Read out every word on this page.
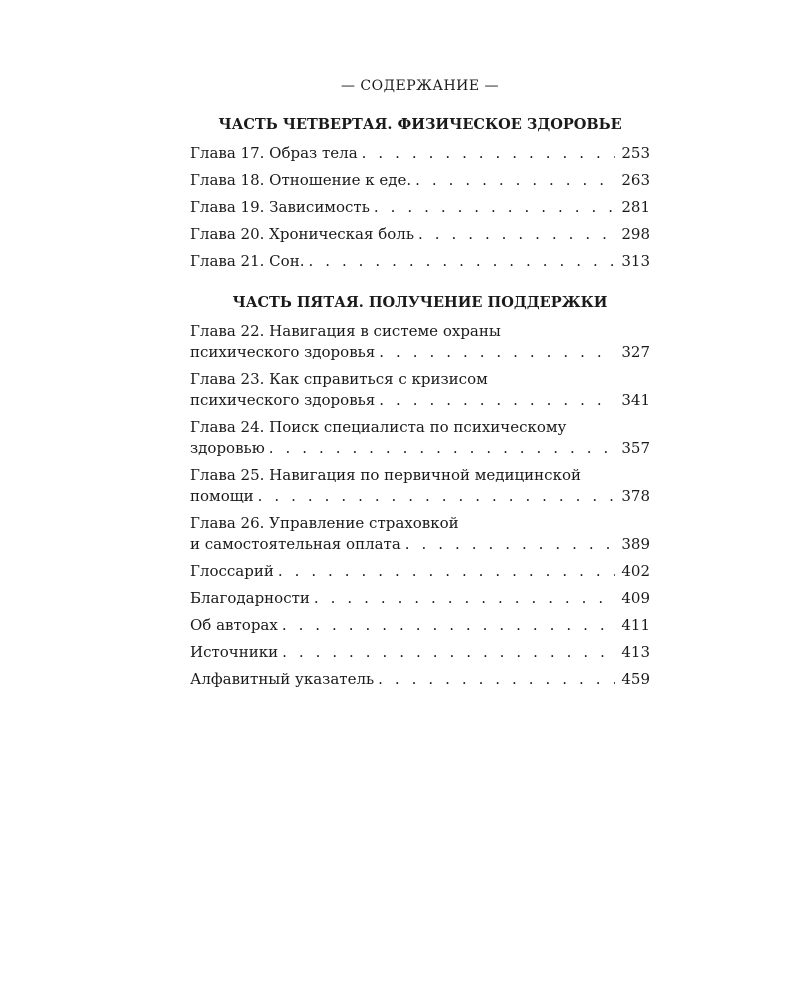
— СОДЕРЖАНИЕ —
ЧАСТЬ ЧЕТВЕРТАЯ. ФИЗИЧЕСКОЕ ЗДОРОВЬЕ
Глава 17. Образ тела . . .	253
Глава 18. Отношение к еде. . . .	263
Глава 19. Зависимость . . .	281
Глава 20. Хроническая боль . . .	298
Глава 21. Сон. . . .	313
ЧАСТЬ ПЯТАЯ. ПОЛУЧЕНИЕ ПОДДЕРЖКИ
Глава 22. Навигация в системе охраны
психического здоровья . . .	327
Глава 23. Как справиться с кризисом
психического здоровья . . .	341
Глава 24. Поиск специалиста по психическому
здоровью . . .	357
Глава 25. Навигация по первичной медицинской
помощи . . .	378
Глава 26. Управление страховкой
и самостоятельная оплата . . .	389
Глоссарий . . .	402
Благодарности . . .	409
Об авторах . . .	411
Источники . . .	413
Алфавитный указатель . . .	459
